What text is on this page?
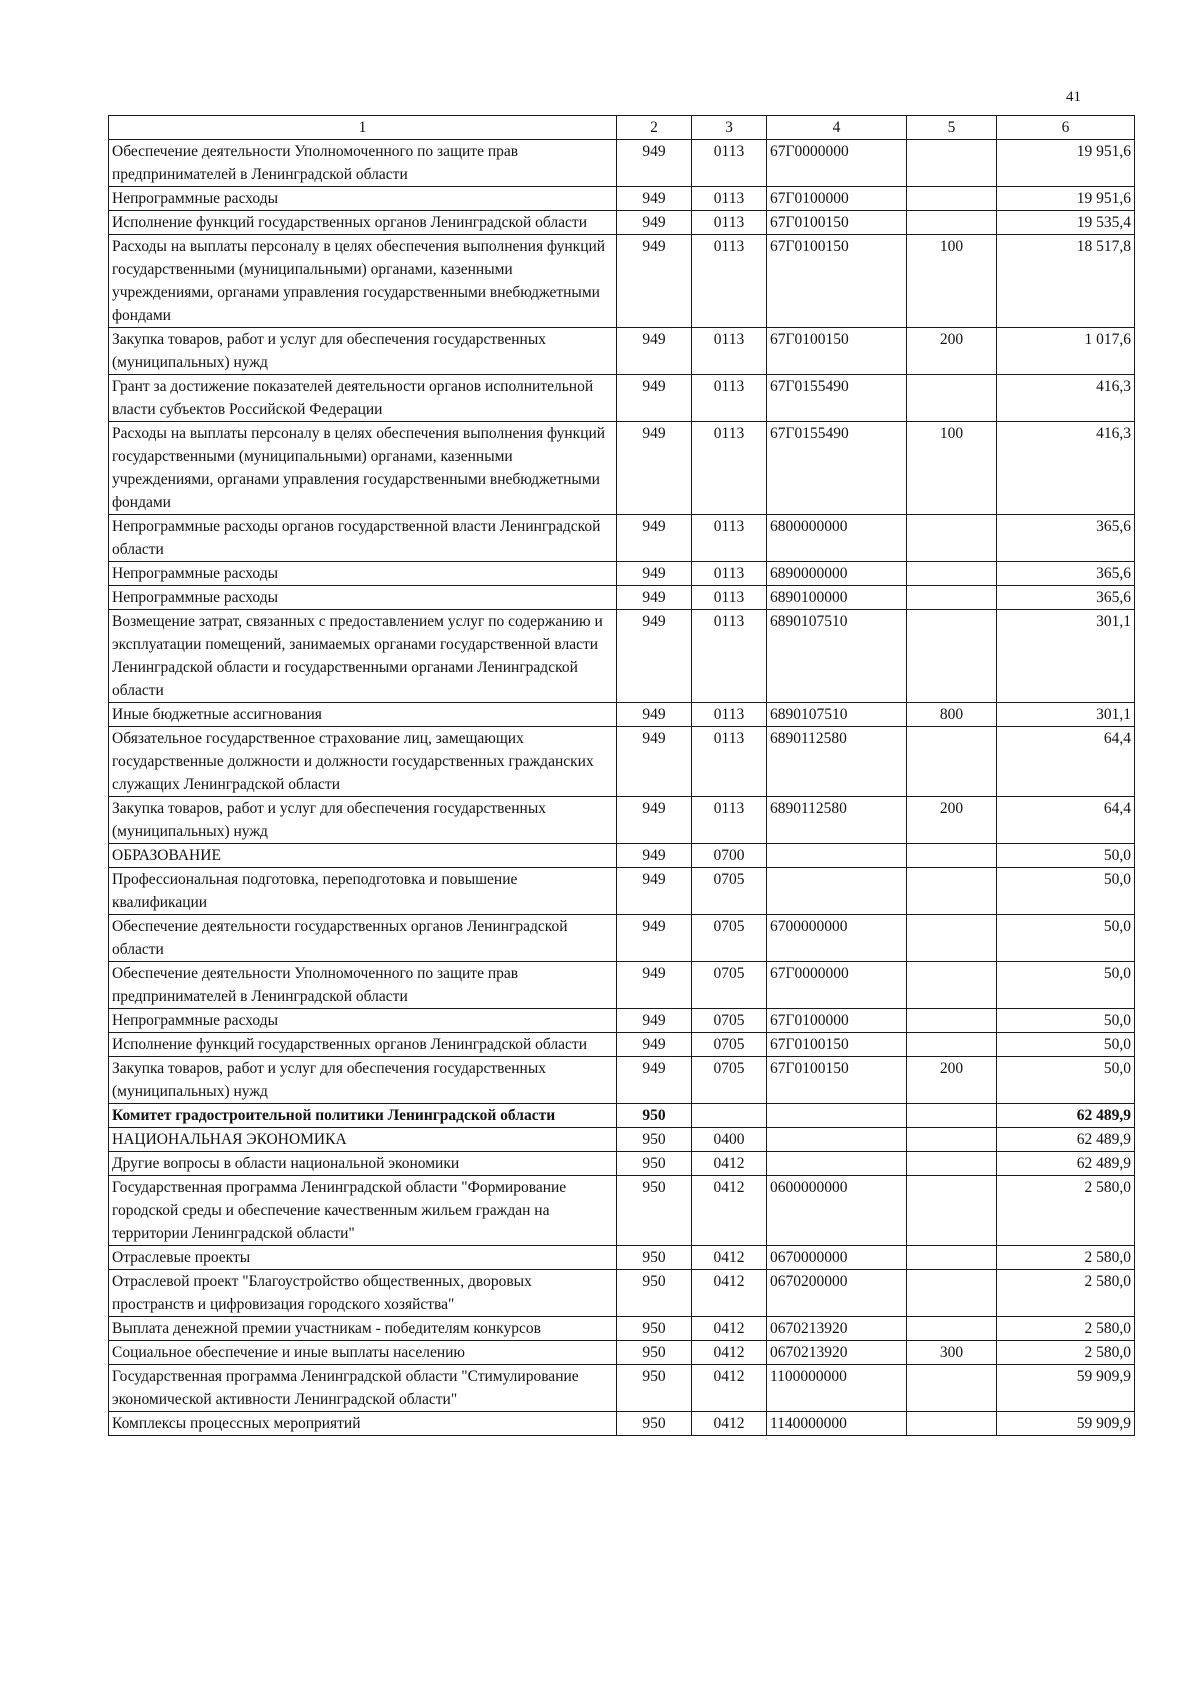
41
1	2	3	4	5	6
Обеспечение деятельности Уполномоченного по защите прав предпринимателей в Ленинградской области	949	0113	67Г0000000		19 951,6
Непрограммные расходы	949	0113	67Г0100000		19 951,6
Исполнение функций государственных органов Ленинградской области	949	0113	67Г0100150		19 535,4
Расходы на выплаты персоналу в целях обеспечения выполнения функций государственными (муниципальными) органами, казенными учреждениями, органами управления государственными внебюджетными фондами	949	0113	67Г0100150	100	18 517,8
Закупка товаров, работ и услуг для обеспечения государственных (муниципальных) нужд	949	0113	67Г0100150	200	1 017,6
Грант за достижение показателей деятельности органов исполнительной власти субъектов Российской Федерации	949	0113	67Г0155490		416,3
Расходы на выплаты персоналу в целях обеспечения выполнения функций государственными (муниципальными) органами, казенными учреждениями, органами управления государственными внебюджетными фондами	949	0113	67Г0155490	100	416,3
Непрограммные расходы органов государственной власти Ленинградской области	949	0113	6800000000		365,6
Непрограммные расходы	949	0113	6890000000		365,6
Непрограммные расходы	949	0113	6890100000		365,6
Возмещение затрат, связанных с предоставлением услуг по содержанию и эксплуатации помещений, занимаемых органами государственной власти Ленинградской области и государственными органами Ленинградской области	949	0113	6890107510		301,1
Иные бюджетные ассигнования	949	0113	6890107510	800	301,1
Обязательное государственное страхование лиц, замещающих государственные должности и должности государственных гражданских служащих Ленинградской области	949	0113	6890112580		64,4
Закупка товаров, работ и услуг для обеспечения государственных (муниципальных) нужд	949	0113	6890112580	200	64,4
ОБРАЗОВАНИЕ	949	0700			50,0
Профессиональная подготовка, переподготовка и повышение квалификации	949	0705			50,0
Обеспечение деятельности государственных органов Ленинградской области	949	0705	6700000000		50,0
Обеспечение деятельности Уполномоченного по защите прав предпринимателей в Ленинградской области	949	0705	67Г0000000		50,0
Непрограммные расходы	949	0705	67Г0100000		50,0
Исполнение функций государственных органов Ленинградской области	949	0705	67Г0100150		50,0
Закупка товаров, работ и услуг для обеспечения государственных (муниципальных) нужд	949	0705	67Г0100150	200	50,0
Комитет градостроительной политики Ленинградской области	950				62 489,9
НАЦИОНАЛЬНАЯ ЭКОНОМИКА	950	0400			62 489,9
Другие вопросы в области национальной экономики	950	0412			62 489,9
Государственная программа Ленинградской области "Формирование городской среды и обеспечение качественным жильем граждан на территории Ленинградской области"	950	0412	0600000000		2 580,0
Отраслевые проекты	950	0412	0670000000		2 580,0
Отраслевой проект "Благоустройство общественных, дворовых пространств и цифровизация городского хозяйства"	950	0412	0670200000		2 580,0
Выплата денежной премии участникам - победителям конкурсов	950	0412	0670213920		2 580,0
Социальное обеспечение и иные выплаты населению	950	0412	0670213920	300	2 580,0
Государственная программа Ленинградской области "Стимулирование экономической активности Ленинградской области"	950	0412	1100000000		59 909,9
Комплексы процессных мероприятий	950	0412	1140000000		59 909,9
